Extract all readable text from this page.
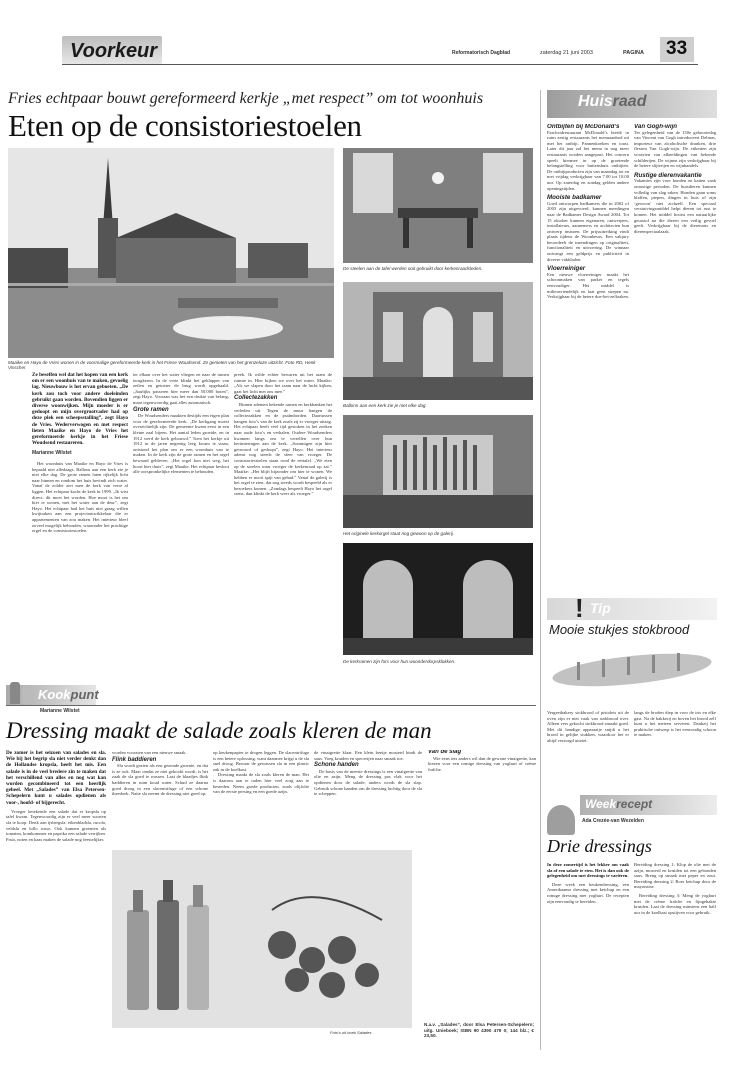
Voorkeur	Reformatorisch Dagblad	zaterdag 21 juni 2003	PAGINA 33
Fries echtpaar bouwt gereformeerd kerkje „met respect” om tot woonhuis
Eten op de consistoriestoelen
Maaike en Hayo de Vries wonen in de voormalige gereformeerde kerk in het Friese Woudsend. Ze genieten van het grenzeloze uitzicht. Foto RD, Henk Visscher
De steelen aan de tafel werden ooit gebruikt door kerkenraadsleden.
Ballonn aan een kerk zie je niet elke dag.
Het originele kerkorgel staat nog gewoon op de galerij.
De kerkramen zijn fors voor hun woonderdorpsklokken.

Ze beseffen wel dat het kopen van een kerk om er een woonhuis van te maken, gevoelig lag. Nieuwbouw is het ervan geboeten. „De kerk zou toch voor andere doeleinden gebruikt gaan worden. Bovendien liggen er diverse woonwijken. Mijn moeder is er gedoopt en mijn overgrootvader had op deze plek een scheepsstalling”, zegt Hayo de Vries. Wederverwogen en met respect lieten Maaike en Hayo de Vries het gereformeerde kerkje in het Friese Woudsend restaureren.

Marianne Wilstet

Het woonhuis van Maaike en Hayo de Vries is bepaald niet alledaags. Ballons aan een kerk zie je niet elke dag. De grote ramen laten rijkelijk licht naar binnen en rondom het huis bevindt zich water. Vanaf de zolder ziet men de kerk van verre al liggen. Het echtpaar kocht de kerk in 1999. „Ik wist direct: dit moet het worden. Hoe mooi is het om hier te wonen, met het water aan de deur”, zegt Hayo. Het echtpaar had het huis niet graag willen kwijtraken aan een projectontwikkelaar die er appartementen van zou maken. Het interieur bleef zoveel mogelijk behouden, waaronder het prachtige orgel en de consistoriestoelen.

ter elkaar over het water vliegen en naar de tuinen terugkeren. In de verte klinkt het geklapper van zeilen en getoeter de brug wordt opgehaald. „Jaarlijks passeren hier meer dan 50.000 boten”, zegt Hayo. Vooraan was het een drukte van belang, maar tegenwoordig gaat alles automatisch.

Grote ramen

De Woudsenders maakten destijds een eigen plan voor de gereformeerde kerk. „De kerkgang moest overzichtelijk zijn. De gemeente kwam eerst in een kleine zaal bijeen. Het aantal leden groeide, en in 1912 werd de kerk gebouwd.” Toen het kerkje uit 1912 in de jaren negentig leeg kwam te staan, ontstond het plan om er een woonhuis van te maken. In de kerk zijn de grote ramen en het orgel bewaard gebleven. „Het orgel kon niet weg, het hoort hier thuis”, zegt Maaike. Het echtpaar besloot alle oorspronkelijke elementen te behouden.

preek. Ik wilde echter bewaren uit het raam de ruimte in. Hier kijken we over het water. Maaike: „Als we slapen door het raam naar de lucht kijken, gaat het licht met ons mee.”

Collectezakken

Binnen ademen bekende ramen en kerkbanken het verleden uit. Tegen de muur hangen de collectezakken en de psalmborden. Daartussen hangen foto’s van de kerk zoals zij er vroeger uitzag. Het echtpaar heeft veel tijd gestoken in het zoeken naar oude foto’s en verhalen. Oudere Woudsenders kwamen langs om te vertellen over hun herinneringen aan de kerk. „Sommigen zijn hier getrouwd of gedoopt”, zegt Hayo. Het interieur ademt nog steeds de sfeer van vroeger. De consistoriestoelen staan rond de eettafel. „We eten op de stoelen waar vroeger de kerkenraad op zat.” Maaike: „Het blijft bijzonder om hier te wonen. We hebben er nooit spijt van gehad.” Vanaf de galerij is het orgel te zien, dat nog steeds wordt bespeeld als er bezoekers komen. „Zondags bespeelt Hayo het orgel soms, dan klinkt de kerk weer als vroeger.”

Huisraad
Ontbijten bij McDonald’s

Fastfoodrestaurant McDonald’s breidt in ruim zestig restaurants het menuaanbod uit met het ontbijt. Pannenkoeken en toast. Later dit jaar zal het menu in nog meer restaurants worden aangepast. Het concern speelt hiermee in op de groeiende belangstelling voor buitenshuis ontbijten. De ontbijtproducten zijn van maandag tot en met vrijdag verkrijgbaar van 7.00 tot 10.00 uur. Op zaterdag en zondag gelden andere openingstijden.

Mooiste badkamer

Goed ontworpen badkamers die in 2002 of 2003 zijn uitgevoerd, kunnen meedingen naar de Badkamer Design Award 2004. Tot 15 oktober kunnen eigenaren, ontwerpers, installateurs, aannemers en architecten hun ontwerp insturen. De prijsuitreiking vindt plaats tijdens de Woonbeurs. Een vakjury beoordeelt de inzendingen op originaliteit, functionaliteit en uitvoering. De winnaar ontvangt een geldprijs en publiciteit in diverse vakbladen.

Vloerreiniger

Een nieuwe vloerreiniger maakt het schoonmaken van parket en tegels eenvoudiger. Het middel is milieuvriendelijk en laat geen strepen na. Verkrijgbaar bij de betere doe-het-zelfzaken.

Van Gogh-wijn

Ter gelegenheid van de 150e geboortedag van Vincent van Gogh introduceert Delmas, importeur van alcoholische dranken, drie flessen Van Gogh-wijn. De etiketten zijn voorzien van afbeeldingen van bekende schilderijen. De wijnen zijn verkrijgbaar bij de betere slijterijen en wijnhandels.

Rustige dierenvakantie

Vakanties zijn voor honden en katten vaak onrustige perioden. De huisdieren kunnen volledig van slag raken. Honden gaan soms blaffen, piepen, dingen in huis of zijn ‘gewoon’ niet zichzelf. Een speciaal verstuivingsmiddel helpt dieren tot rust te komen. Het middel bootst een natuurlijke geurstof na die dieren een veilig gevoel geeft. Verkrijgbaar bij de dierenarts en dierenspeciaalzaak.

! Tip
Mooie stukjes stokbrood

Vergeetbakery stokbrood of pistolets uit de oven zijn er niet vaak van stokbrood over. Alleen vers gekocht stokbrood smaakt goed. Met dit handige apparaatje snijdt u het brood in gelijke stukken, waardoor het er altijd verzorgd uitziet.

langs de broden diep in voor de iris en elke gast. Na de bakkerij en boven het brood zelf kunt u het meteen serveren. Dankzij het praktische ontwerp is het eenvoudig schoon te maken.

Kookpunt
Marianne Wilstet
Dressing maakt de salade zoals kleren de man

De zomer is het seizoen van salades en sla. Wie bij het begrip sla niet verder denkt dan de Hollandse kropsla, heeft het mis. Een salade is in de veel bredere zin te maken dat het verschillend van alles en nog wat kan worden gecombineerd tot een heerlijk geheel. Met „Salades” van Elsa Petersen-Schepelern kunt u salades opdienen als voor-, hoofd- of bijgerecht.

Vroeger betekende een salade dat er kropsla op tafel kwam. Tegenwoordig zijn er veel meer soorten sla te koop. Denk aan ijsbergsla, eikenbladsla, rucola, veldsla en lollo rosso. Ook kunnen groenten als tomaten, komkommer en paprika een salade verrijken. Fruit, noten en kaas maken de salade nog feestelijker.

worden voorzien van een nieuwe smaak.

Flink baddieren

Sla wordt gezien als een gezonde groente, en dat is ze ook. Maar omdat ze niet gekookt wordt, is het zaak de sla goed te wassen. Laat de blaadjes flink baddieren in ruim koud water. Schud ze daarna goed droog in een slacentrifuge of een schone theedoek. Natte sla neemt de dressing niet goed op.

op keukenpapier te drogen leggen. De slacentrifuge is een betere oplossing, want daarmee krijgt u de sla snel droog. Bewaar de gewassen sla in een plastic zak in de koelkast.

Dressing maakt de sla zoals kleren de man. Het is daarom aan te raden hier veel zorg aan te besteden. Neem goede producten, zoals olijfolie van de eerste persing en een goede azijn.

de vinaigrette klaar. Een klein beetje mosterd bindt de saus. Voeg kruiden en specerijen naar smaak toe.

Schone handen

De basis van de meeste dressings is een vinaigrette van olie en azijn. Meng de dressing pas vlak voor het opdienen door de salade, anders wordt de sla slap. Gebruik schone handen om de dressing luchtig door de sla te scheppen.

Van de slag

Wie eens iets anders wil dan de gewone vinaigrette, kan kiezen voor een romige dressing van yoghurt of crème fraîche.

N.a.v. „Salades”, door Elsa Petersen-Schepelern; uitg. Unieboek; ISBN 90 4390 479 0; 144 blz.; € 23,50.
Foto’s uit boek Salades
Weekrecept
Ada Crezée-van Wezelden
Drie dressings

In deze zomertijd is het lekker om vaak sla of een salade te eten. Het is dan ook de gelegenheid om met dressings te variëren.

Deze week een keukendressing, een Amerikaanse dressing met ketchup en een romige dressing met yoghurt. De recepten zijn eenvoudig te bereiden.

Bereiding dressing 1: Klop de olie met de azijn, mosterd en kruiden tot een gebonden saus. Breng op smaak met peper en zout. Bereiding dressing 2: Roer ketchup door de mayonaise.

Bereiding dressing 3: Meng de yoghurt met de crème fraîche en fijngehakte kruiden. Laat de dressing minstens een half uur in de koelkast opstijven voor gebruik.
